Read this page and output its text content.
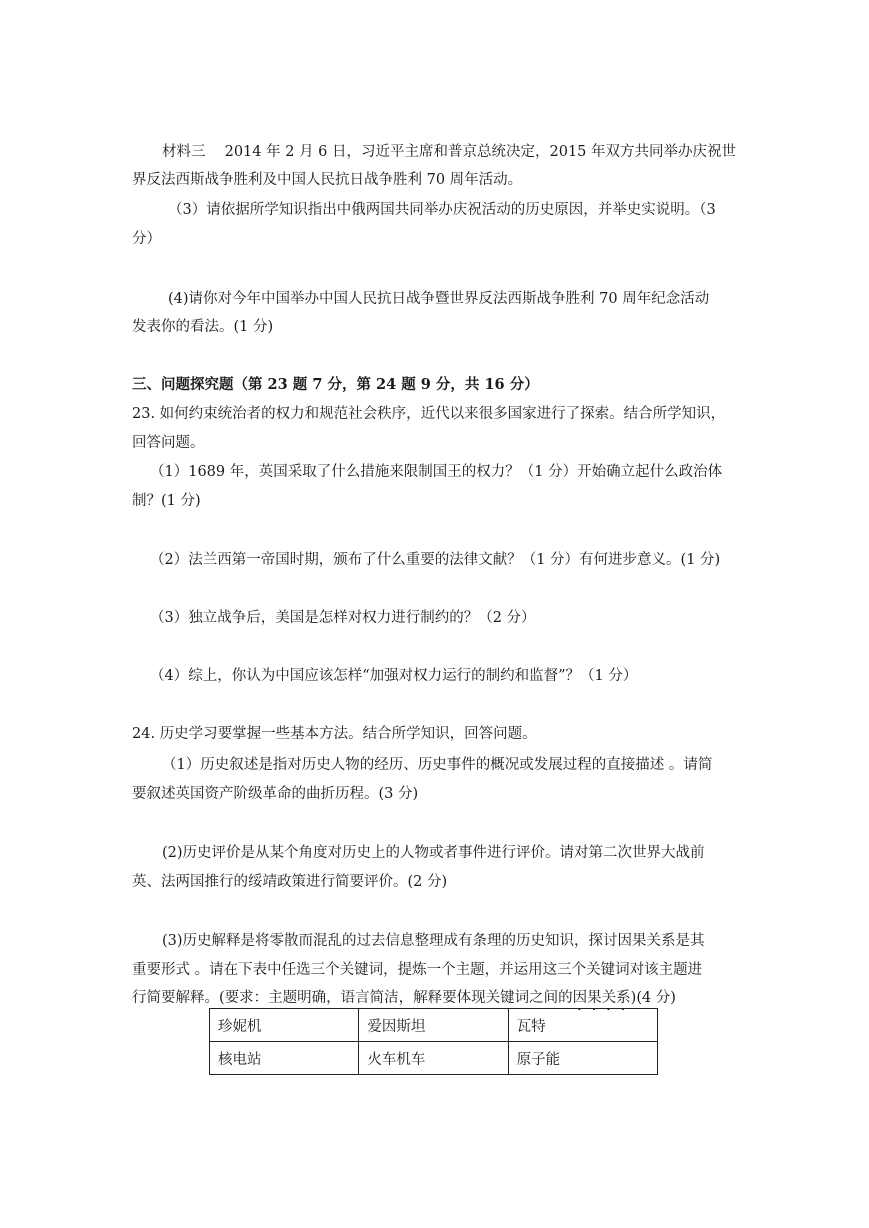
材料三　 2014 年 2 月 6 日，习近平主席和普京总统决定，2015 年双方共同举办庆祝世
界反法西斯战争胜利及中国人民抗日战争胜利 70 周年活动。
（3）请依据所学知识指出中俄两国共同举办庆祝活动的历史原因，并举史实说明。（3
分）
(4)请你对今年中国举办中国人民抗日战争暨世界反法西斯战争胜利 70 周年纪念活动
发表你的看法。(1 分)
三、问题探究题（第 23 题 7 分，第 24 题 9 分，共 16 分）
23. 如何约束统治者的权力和规范社会秩序，近代以来很多国家进行了探索。结合所学知识，
回答问题。
（1）1689 年，英国采取了什么措施来限制国王的权力？（1 分）开始确立起什么政治体
制？(1 分)
（2）法兰西第一帝国时期，颁布了什么重要的法律文献？（1 分）有何进步意义。(1 分)
（3）独立战争后，美国是怎样对权力进行制约的？（2 分）
（4）综上，你认为中国应该怎样“加强对权力运行的制约和监督”？（1 分）
24. 历史学习要掌握一些基本方法。结合所学知识，回答问题。
（1）历史叙述是指对历史人物的经历、历史事件的概况或发展过程的直接描述 。请简
要叙述英国资产阶级革命的曲折历程。(3 分)
(2)历史评价是从某个角度对历史上的人物或者事件进行评价。请对第二次世界大战前
英、法两国推行的绥靖政策进行简要评价。(2 分)
(3)历史解释是将零散而混乱的过去信息整理成有条理的历史知识，探讨因果关系是其
重要形式 。请在下表中任选三个关键词，提炼一个主题，并运用这三个关键词对该主题进
行简要解释。(要求：主题明确，语言简洁，解释要体现关键词之间的因果关系)(4 分)
珍妮机	爱因斯坦	瓦特
核电站	火车机车	原子能
